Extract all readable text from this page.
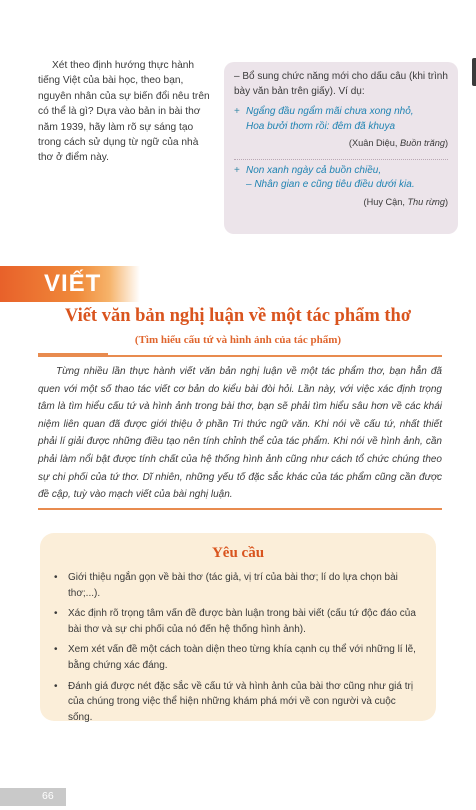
Xét theo định hướng thực hành tiếng Việt của bài học, theo bạn, nguyên nhân của sự biến đổi nêu trên có thể là gì? Dựa vào bản in bài thơ năm 1939, hãy làm rõ sự sáng tạo trong cách sử dụng từ ngữ của nhà thơ ở điểm này.

– Bổ sung chức năng mới cho dấu câu (khi trình bày văn bản trên giấy). Ví dụ:

+ Ngẩng đầu ngẩm mãi chưa xong nhỏ,
Hoa bưởi thơm rồi: đêm đã khuya
(Xuân Diệu, Buồn trăng)
+ Non xanh ngày cả buồn chiều,
– Nhân gian e cũng tiêu điều dưới kia.
(Huy Cận, Thu rừng)
VIẾT
Viết văn bản nghị luận về một tác phẩm thơ
(Tìm hiểu cấu tứ và hình ảnh của tác phẩm)

Từng nhiều lần thực hành viết văn bản nghị luận về một tác phẩm thơ, bạn hẳn đã quen với một số thao tác viết cơ bản do kiểu bài đòi hỏi. Lần này, với việc xác định trọng tâm là tìm hiểu cấu tứ và hình ảnh trong bài thơ, bạn sẽ phải tìm hiểu sâu hơn về các khái niệm liên quan đã được giới thiệu ở phần Tri thức ngữ văn. Khi nói về cấu tứ, nhất thiết phải lí giải được những điều tạo nên tính chỉnh thể của tác phẩm. Khi nói về hình ảnh, cần phải làm nổi bật được tính chất của hệ thống hình ảnh cũng như cách tổ chức chúng theo sự chi phối của tứ thơ. Dĩ nhiên, những yếu tố đặc sắc khác của tác phẩm cũng cần được đề cập, tuỳ vào mạch viết của bài nghị luận.

Yêu cầu
• Giới thiệu ngắn gọn về bài thơ (tác giả, vị trí của bài thơ; lí do lựa chọn bài thơ;...).
• Xác định rõ trọng tâm vấn đề được bàn luận trong bài viết (cấu tứ độc đáo của bài thơ và sự chi phối của nó đến hệ thống hình ảnh).
• Xem xét vấn đề một cách toàn diện theo từng khía cạnh cụ thể với những lí lẽ, bằng chứng xác đáng.
• Đánh giá được nét đặc sắc về cấu tứ và hình ảnh của bài thơ cũng như giá trị của chúng trong việc thể hiện những khám phá mới về con người và cuộc sống.
66
